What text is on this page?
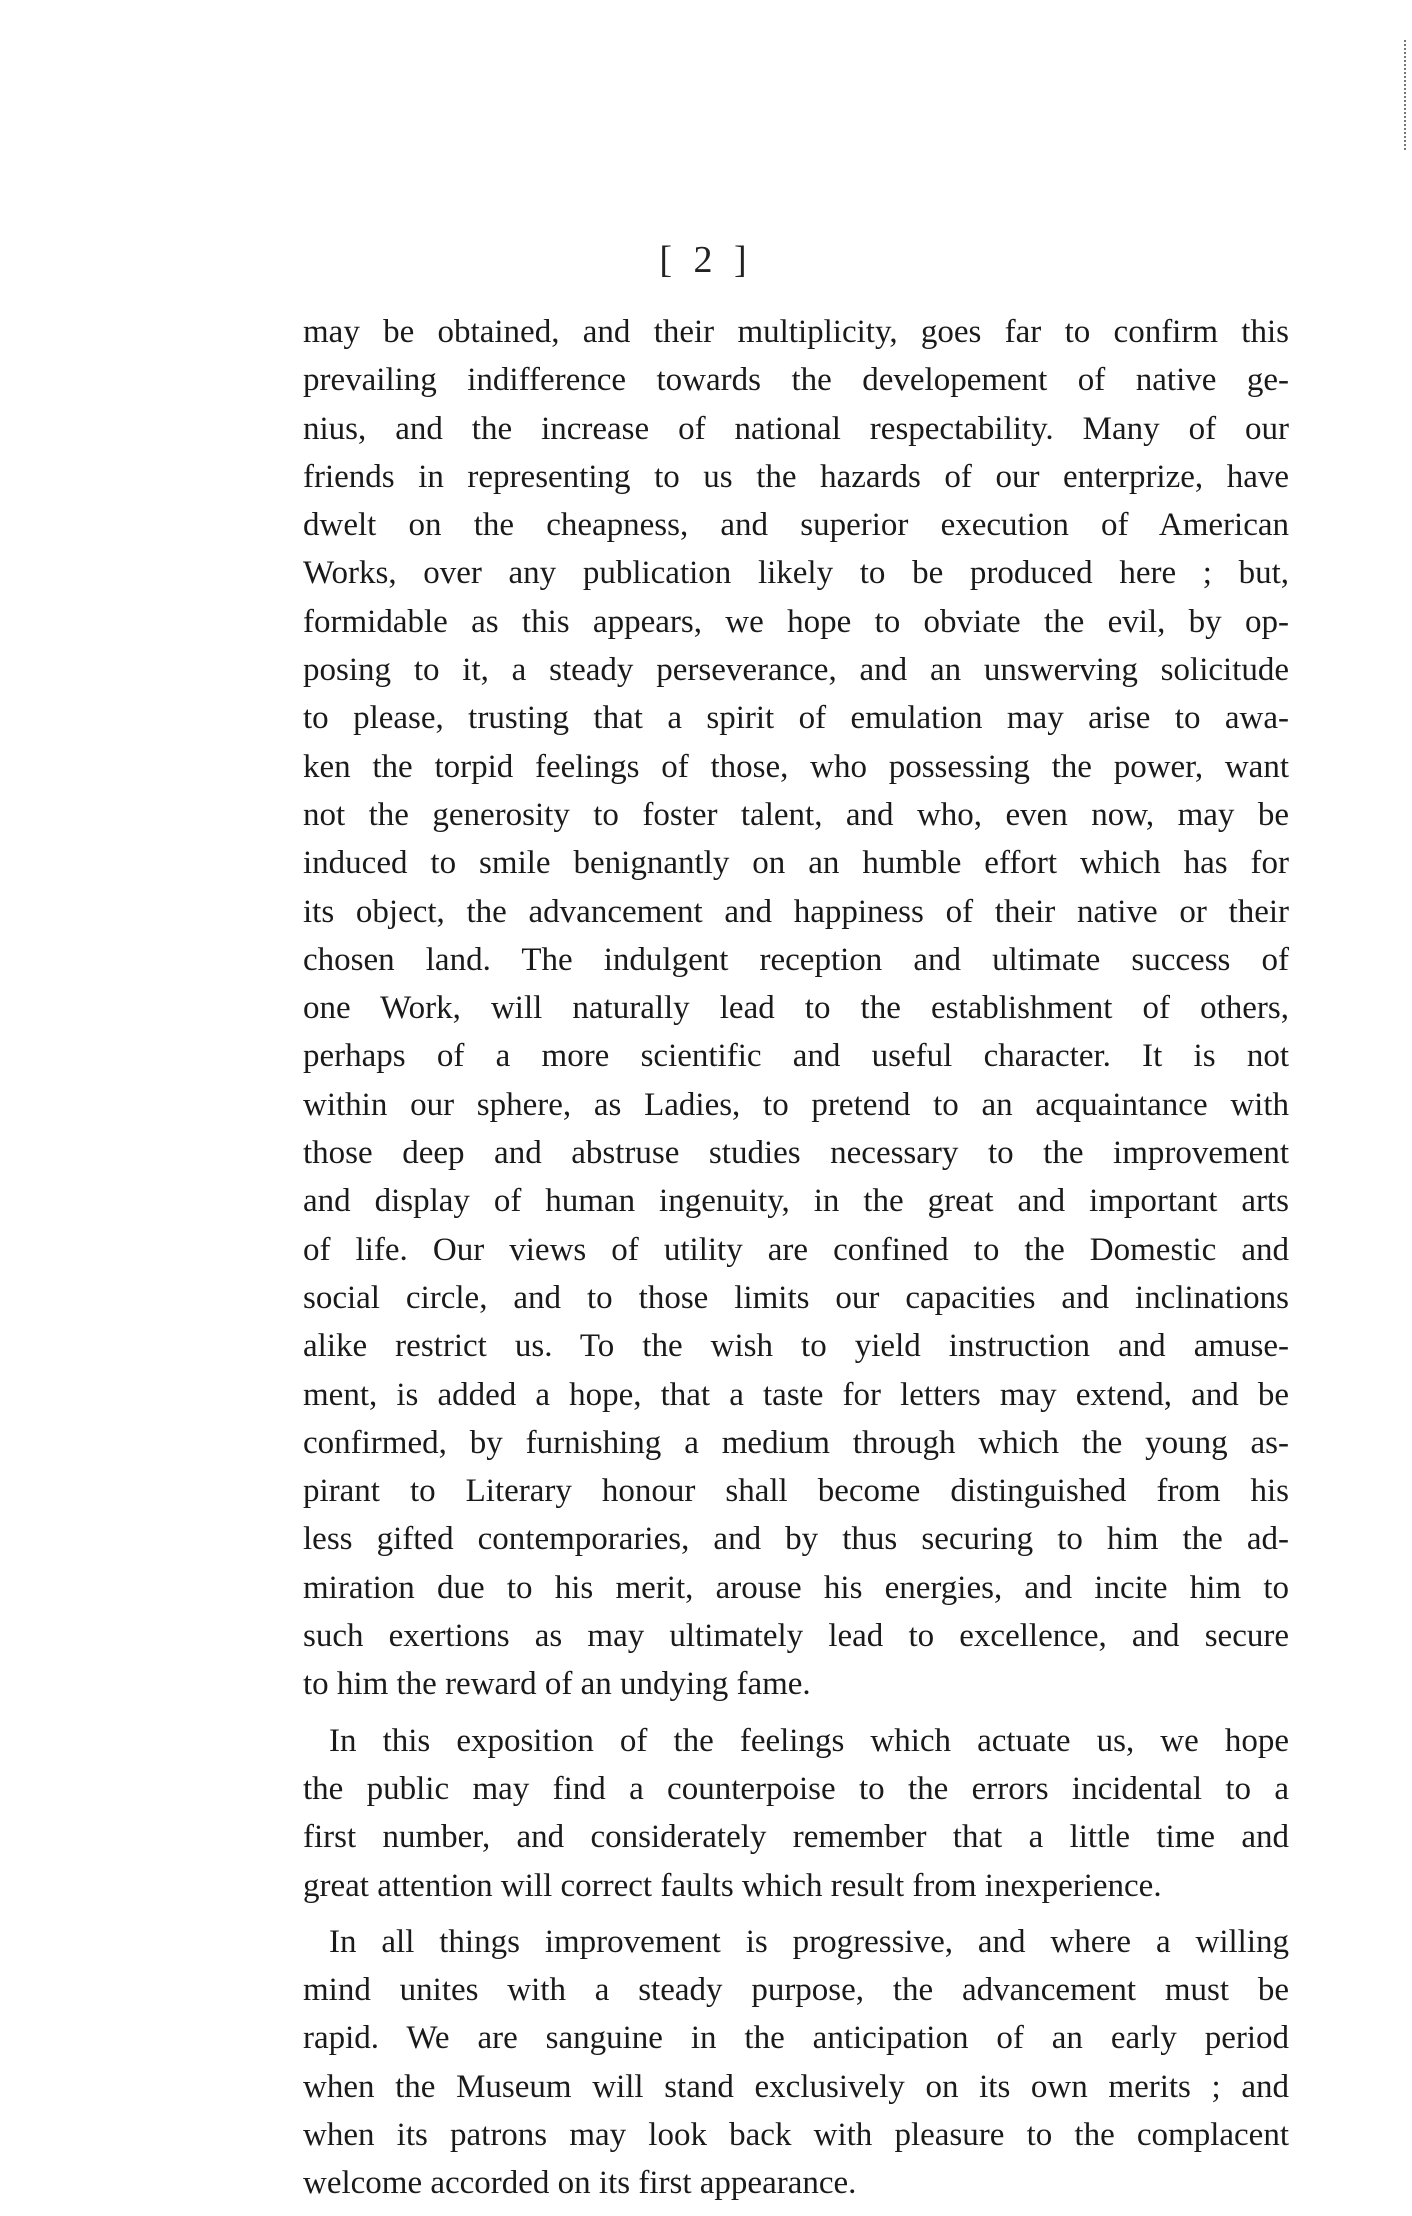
[ 2 ]
may be obtained, and their multiplicity, goes far to confirm this
prevailing indifference towards the developement of native ge-
nius, and the increase of national respectability. Many of our
friends in representing to us the hazards of our enterprize, have
dwelt on the cheapness, and superior execution of American
Works, over any publication likely to be produced here ; but,
formidable as this appears, we hope to obviate the evil, by op-
posing to it, a steady perseverance, and an unswerving solicitude
to please, trusting that a spirit of emulation may arise to awa-
ken the torpid feelings of those, who possessing the power, want
not the generosity to foster talent, and who, even now, may be
induced to smile benignantly on an humble effort which has for
its object, the advancement and happiness of their native or their
chosen land. The indulgent reception and ultimate success of
one Work, will naturally lead to the establishment of others,
perhaps of a more scientific and useful character. It is not
within our sphere, as Ladies, to pretend to an acquaintance with
those deep and abstruse studies necessary to the improvement
and display of human ingenuity, in the great and important arts
of life. Our views of utility are confined to the Domestic and
social circle, and to those limits our capacities and inclinations
alike restrict us. To the wish to yield instruction and amuse-
ment, is added a hope, that a taste for letters may extend, and be
confirmed, by furnishing a medium through which the young as-
pirant to Literary honour shall become distinguished from his
less gifted contemporaries, and by thus securing to him the ad-
miration due to his merit, arouse his energies, and incite him to
such exertions as may ultimately lead to excellence, and secure
to him the reward of an undying fame.
In this exposition of the feelings which actuate us, we hope
the public may find a counterpoise to the errors incidental to a
first number, and considerately remember that a little time and
great attention will correct faults which result from inexperience.
In all things improvement is progressive, and where a willing
mind unites with a steady purpose, the advancement must be
rapid. We are sanguine in the anticipation of an early period
when the Museum will stand exclusively on its own merits ; and
when its patrons may look back with pleasure to the complacent
welcome accorded on its first appearance.
